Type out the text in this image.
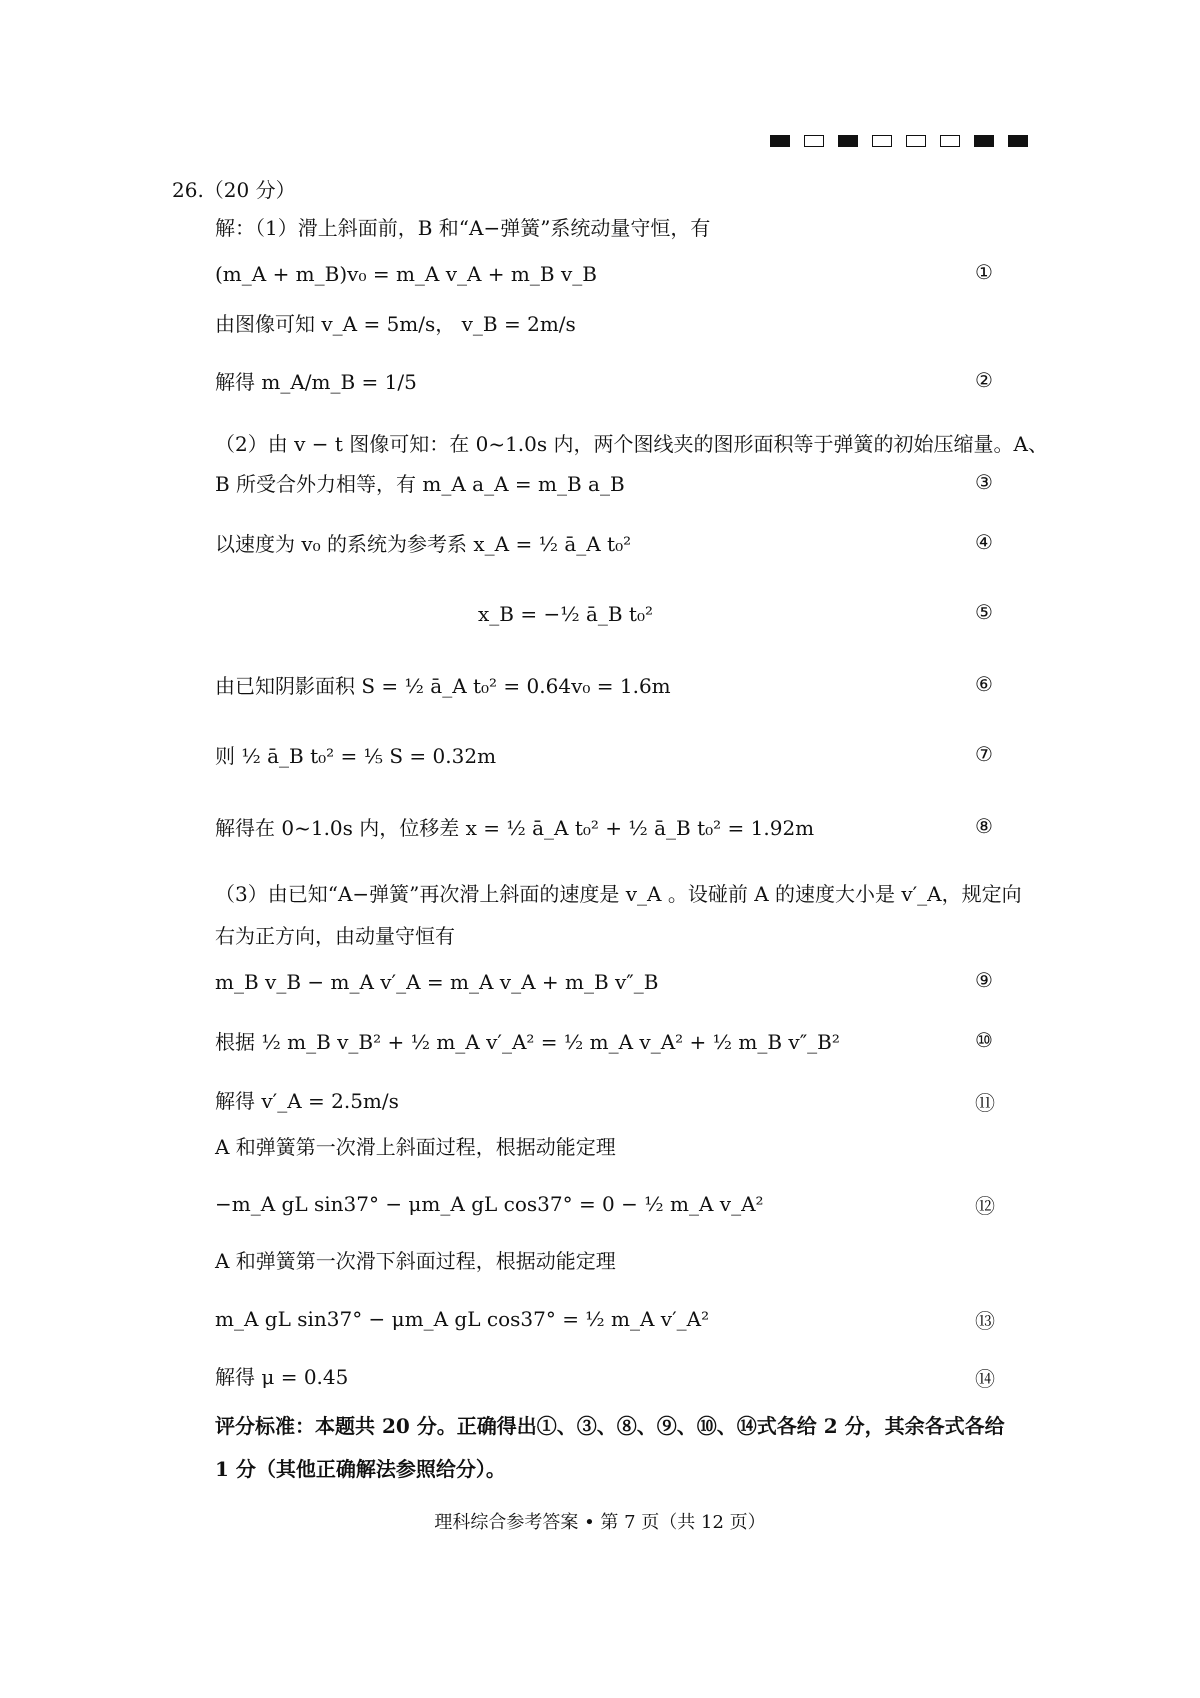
26.（20 分）
解：（1）滑上斜面前，B 和“A−弹簧”系统动量守恒，有
(m_A + m_B)v₀ = m_A v_A + m_B v_B	①
由图像可知 v_A = 5m/s， v_B = 2m/s
解得 m_A/m_B = 1/5	②
（2）由 v − t 图像可知：在 0~1.0s 内，两个图线夹的图形面积等于弹簧的初始压缩量。A、
B 所受合外力相等，有 m_A a_A = m_B a_B	③
以速度为 v₀ 的系统为参考系 x_A = ½ ā_A t₀²	④
x_B = −½ ā_B t₀²	⑤
由已知阴影面积 S = ½ ā_A t₀² = 0.64v₀ = 1.6m	⑥
则 ½ ā_B t₀² = ⅕ S = 0.32m	⑦
解得在 0~1.0s 内，位移差 x = ½ ā_A t₀² + ½ ā_B t₀² = 1.92m	⑧
（3）由已知“A−弹簧”再次滑上斜面的速度是 v_A 。设碰前 A 的速度大小是 v′_A，规定向
右为正方向，由动量守恒有
m_B v_B − m_A v′_A = m_A v_A + m_B v″_B	⑨
根据 ½ m_B v_B² + ½ m_A v′_A² = ½ m_A v_A² + ½ m_B v″_B²	⑩
解得 v′_A = 2.5m/s	⑪
A 和弹簧第一次滑上斜面过程，根据动能定理
−m_A gL sin37° − μm_A gL cos37° = 0 − ½ m_A v_A²	⑫
A 和弹簧第一次滑下斜面过程，根据动能定理
m_A gL sin37° − μm_A gL cos37° = ½ m_A v′_A²	⑬
解得 μ = 0.45	⑭
评分标准：本题共 20 分。正确得出①、③、⑧、⑨、⑩、⑭式各给 2 分，其余各式各给
1 分（其他正确解法参照给分）。
理科综合参考答案 • 第 7 页（共 12 页）
